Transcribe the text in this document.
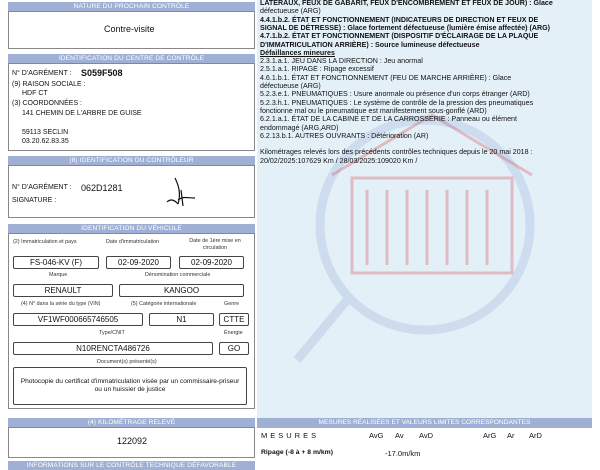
NATURE DU PROCHAIN CONTRÔLE
Contre-visite
IDENTIFICATION DU CENTRE DE CONTRÔLE
N° D'AGRÉMENT : S059F508
(9) RAISON SOCIALE :
HDF CT
(3) COORDONNÉES :
141 CHEMIN DE L'ARBRE DE GUISE
59113 SECLIN
03.20.62.83.35
(8) IDENTIFICATION DU CONTRÔLEUR
N° D'AGRÉMENT : 062D1281
SIGNATURE :
IDENTIFICATION DU VÉHICULE
(2) Immatriculation et pays	Date d'immatriculation	Date de 1ère mise en circulation
FS-046-KV (F)	02-09-2020	02-09-2020
Marque	Dénomination commerciale
RENAULT	KANGOO
(4) N° dans la série du type (VIN)	(5) Catégorie internationale	Genre
VF1WF000665746505	N1	CTTE
Type/CNIT	Énergie
N10RENCTA486726	GO
Document(s) présenté(s)
Photocopie du certificat d'immatriculation visée par un commissaire-priseur ou un huissier de justice
(4) KILOMÉTRAGE RELEVÉ
122092
INFORMATIONS SUR LE CONTRÔLE TECHNIQUE DÉFAVORABLE
LATÉRAUX, FEUX DE GABARIT, FEUX D'ENCOMBREMENT ET FEUX DE JOUR) : Glace
défectueuse (ARG)
4.4.1.b.2. ÉTAT ET FONCTIONNEMENT (INDICATEURS DE DIRECTION ET FEUX DE
SIGNAL DE DÉTRESSE) : Glace fortement défectueuse (lumière émise affectée) (ARG)
4.7.1.b.2. ÉTAT ET FONCTIONNEMENT (DISPOSITIF D'ÉCLAIRAGE DE LA PLAQUE
D'IMMATRICULATION ARRIÈRE) : Source lumineuse défectueuse
Défaillances mineures
2.3.1.a.1. JEU DANS LA DIRECTION : Jeu anormal
2.5.1.a.1. RIPAGE : Ripage excessif
4.6.1.b.1. ÉTAT ET FONCTIONNEMENT (FEU DE MARCHE ARRIÈRE) : Glace
défectueuse (ARG)
5.2.3.e.1. PNEUMATIQUES : Usure anormale ou présence d'un corps étranger (ARD)
5.2.3.h.1. PNEUMATIQUES : Le système de contrôle de la pression des pneumatiques
fonctionne mal ou le pneumatique est manifestement sous-gonflé (ARD)
6.2.1.a.1. ÉTAT DE LA CABINE ET DE LA CARROSSERIE : Panneau ou élément
endommagé (ARG,ARD)
6.2.13.b.1. AUTRES OUVRANTS : Détérioration (AR)
Kilométrages relevés lors des précédents contrôles techniques depuis le 20 mai 2018 :
20/02/2025:107629 Km / 28/03/2025:109020 Km /
MESURES RÉALISÉES ET VALEURS LIMITES CORRESPONDANTES
MESURES	AvG Av AvD	ArG Ar ArD
Ripage (-8 à + 8 m/km)	-17.0m/km
